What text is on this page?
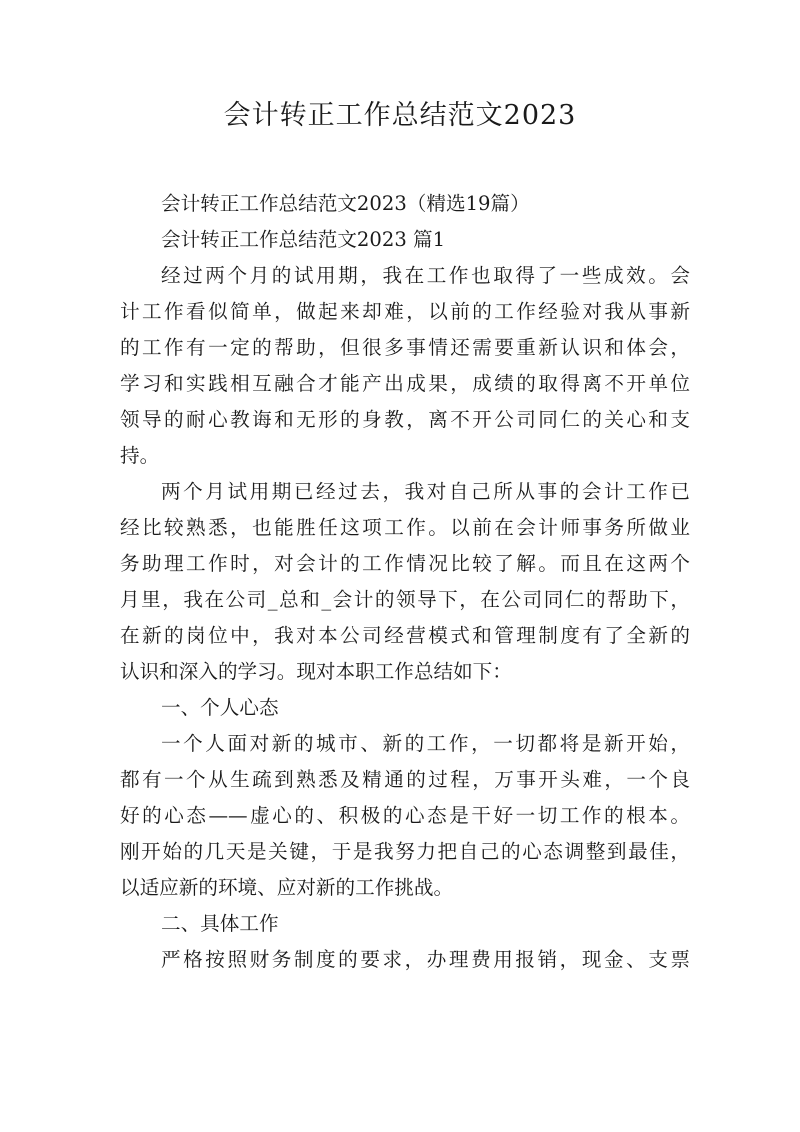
会计转正工作总结范文2023

会计转正工作总结范文2023（精选19篇）

会计转正工作总结范文2023 篇1

经过两个月的试用期，我在工作也取得了一些成效。会
计工作看似简单，做起来却难，以前的工作经验对我从事新
的工作有一定的帮助，但很多事情还需要重新认识和体会，
学习和实践相互融合才能产出成果，成绩的取得离不开单位
领导的耐心教诲和无形的身教，离不开公司同仁的关心和支
持。

两个月试用期已经过去，我对自己所从事的会计工作已
经比较熟悉，也能胜任这项工作。以前在会计师事务所做业
务助理工作时，对会计的工作情况比较了解。而且在这两个
月里，我在公司_总和_会计的领导下，在公司同仁的帮助下，
在新的岗位中，我对本公司经营模式和管理制度有了全新的
认识和深入的学习。现对本职工作总结如下：

一、个人心态

一个人面对新的城市、新的工作，一切都将是新开始，
都有一个从生疏到熟悉及精通的过程，万事开头难，一个良
好的心态——虚心的、积极的心态是干好一切工作的根本。
刚开始的几天是关键，于是我努力把自己的心态调整到最佳，
以适应新的环境、应对新的工作挑战。

二、具体工作

严格按照财务制度的要求，办理费用报销，现金、支票
